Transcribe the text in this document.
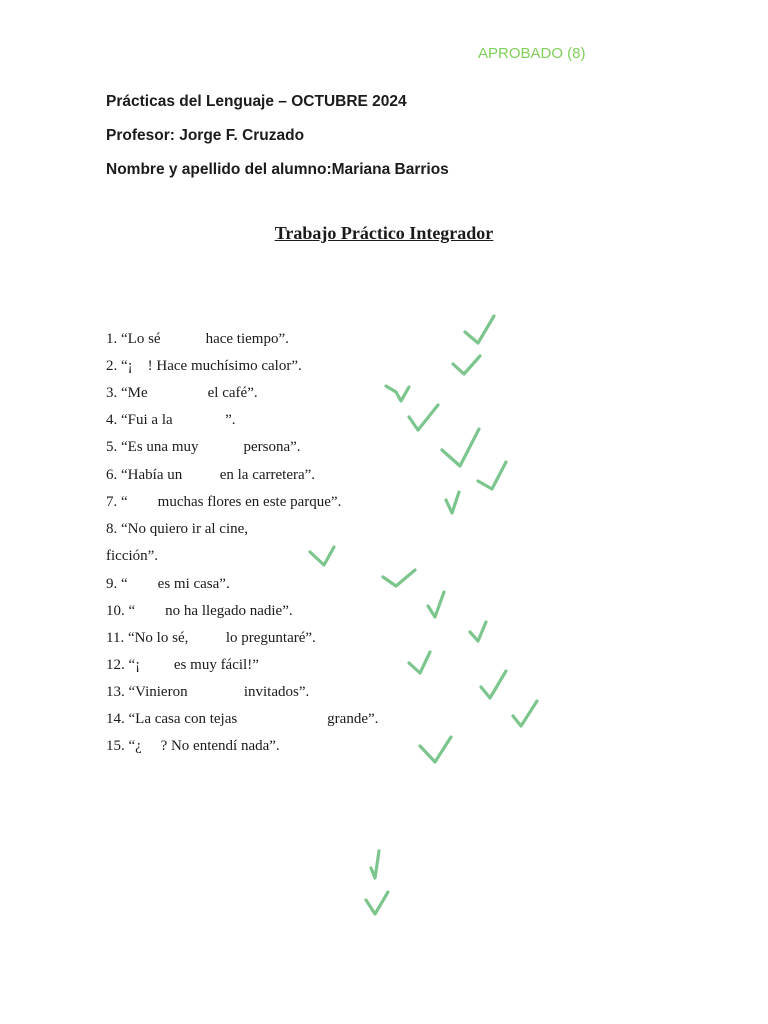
APROBADO (8)
Prácticas del Lenguaje – OCTUBRE 2024
Profesor: Jorge F. Cruzado
Nombre y apellido del alumno:Mariana Barrios
Trabajo Práctico Integrador
1. “Lo sé            hace tiempo”.
2. “¡    ! Hace muchísimo calor”.
3. “Me                el café”.
4. “Fui a la              ”.
5. “Es una muy            persona”.
6. “Había un          en la carretera”.
7. “        muchas flores en este parque”.
8. “No quiero ir al cine,
ficción”.
9. “        es mi casa”.
10. “        no ha llegado nadie”.
11. “No lo sé,          lo preguntaré”.
12. “¡         es muy fácil!”
13. “Vinieron               invitados”.
14. “La casa con tejas                        grande”.
15. “¿     ? No entendí nada”.
